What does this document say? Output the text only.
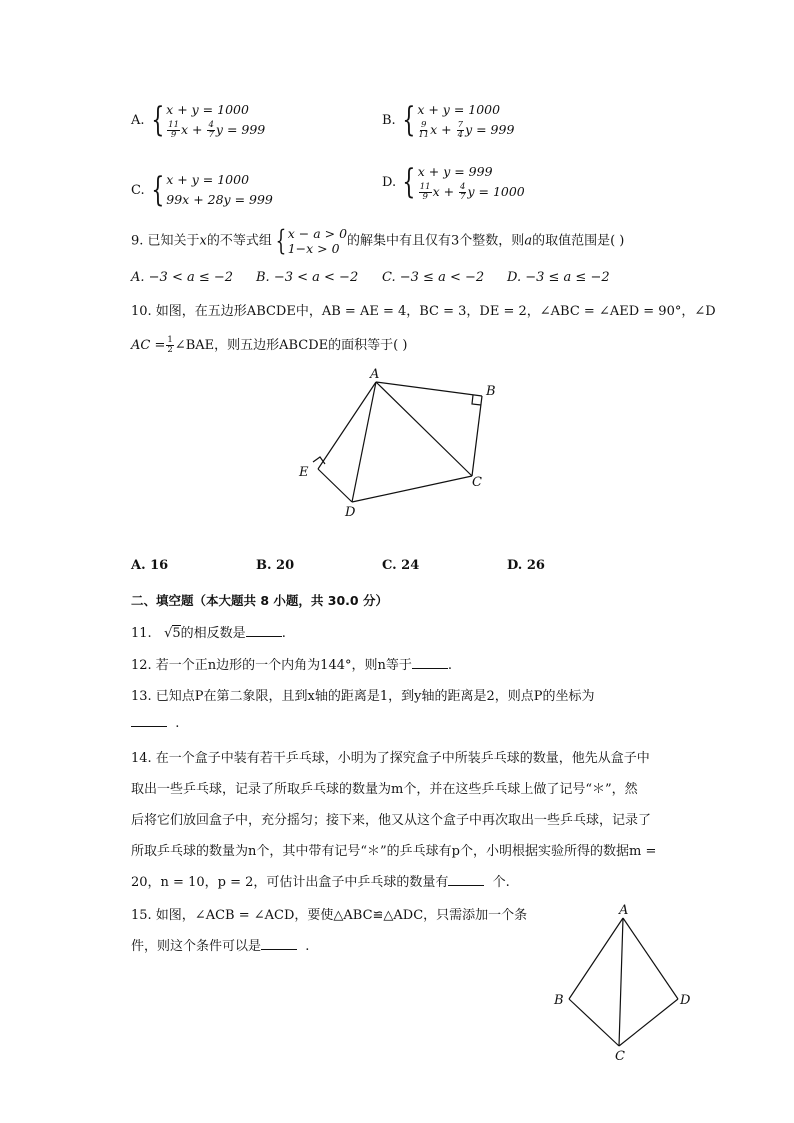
A. { x + y = 1000
$\frac{11}{9}$ $x + \frac{4}{7}$ y = 999
B. { x + y = 1000
$\frac{9}{11}$ $x + \frac{7}{4}$ y = 999
C. { x + y = 1000
99x + 28y = 999
D. { x + y = 999
$\frac{11}{9}$ $x + \frac{4}{7}$ y = 1000
9. 已知关于x的不等式组 { x − a > 0
1−x > 0 的解集中有且仅有3个整数，则a的取值范围是( )
A. −3 < a ≤ −2 B. −3 < a < −2 C. −3 ≤ a < −2 D. −3 ≤ a ≤ −2
10. 如图，在五边形ABCDE中，AB = AE = 4，BC = 3，DE = 2，∠ABC = ∠AED = 90°，∠D
AC = $\frac{1}{2}$ ∠BAE，则五边形ABCDE的面积等于( )
A
B
C
D
E
A. 16	B. 20	C. 24	D. 26
二、填空题（本大题共 8 小题，共 30.0 分）
11. √5的相反数是	.
12. 若一个正n边形的一个内角为144°，则n等于	.
13. 已知点P在第二象限，且到x轴的距离是1，到y轴的距离是2，则点P的坐标为
.
14. 在一个盒子中装有若干乒乓球，小明为了探究盒子中所装乒乓球的数量，他先从盒子中
取出一些乒乓球，记录了所取乒乓球的数量为m个，并在这些乒乓球上做了记号“＊”，然
后将它们放回盒子中，充分摇匀；接下来，他又从这个盒子中再次取出一些乒乓球，记录了
所取乒乓球的数量为n个，其中带有记号“＊”的乒乓球有p个，小明根据实验所得的数据m =
20，n = 10，p = 2，可估计出盒子中乒乓球的数量有	个.
15. 如图，∠ACB = ∠ACD，要使△ABC≌△ADC，只需添加一个条
件，则这个条件可以是	.
A
B
C
D
